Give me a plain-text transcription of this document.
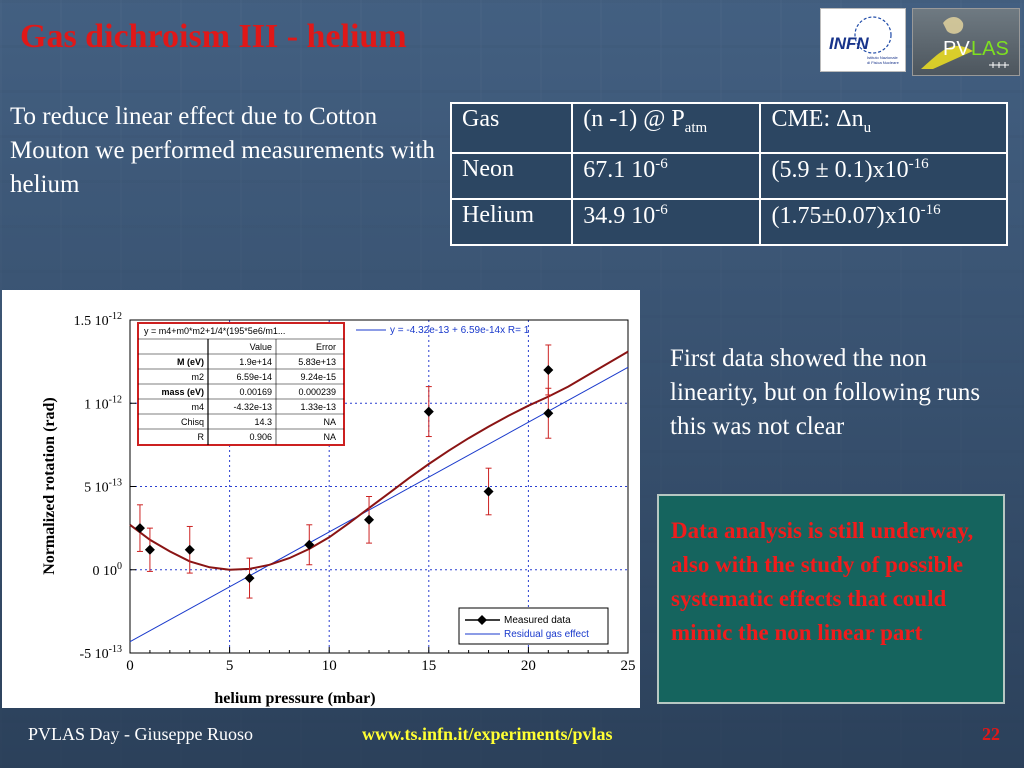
Gas dichroism III - helium	INFN
Istituto Nazionale
di Fisica Nucleare
PV LAS
To reduce linear effect due to Cotton Mouton we performed measurements with helium
Gas	(n -1) @ $P_{atm}$	CME: $\Delta n_u$
Neon	67.1 $10^{-6}$	$(5.9 \pm 0.1)x10^{-16}$
Helium	34.9 $10^{-6}$	$(1.75\pm 0.07)x10^{-16}$
-5 $10^{-13}$
0 $10^0$
5 $10^{-13}$
1 $10^{-12}$
1.5 $10^{-12}$
0	5	10	15	20	25
helium pressure (mbar)
Normalized rotation (rad)
y = -4.32e-13 + 6.59e-14x R= 1
y = m4+m0*m2+1/4*(195*5e6/m1...
Value	Error
M (eV)	1.9e+14	5.83e+13
m2	6.59e-14	9.24e-15
mass (eV)	0.00169	0.000239
m4	-4.32e-13	1.33e-13
Chisq	14.3	NA
R	0.906	NA
Measured data
Residual gas effect
First data showed the non linearity, but on following runs this was not clear
Data analysis is still underway, also with the study of possible systematic effects that could mimic the non linear part
PVLAS Day - Giuseppe Ruoso	www.ts.infn.it/experiments/pvlas	22
